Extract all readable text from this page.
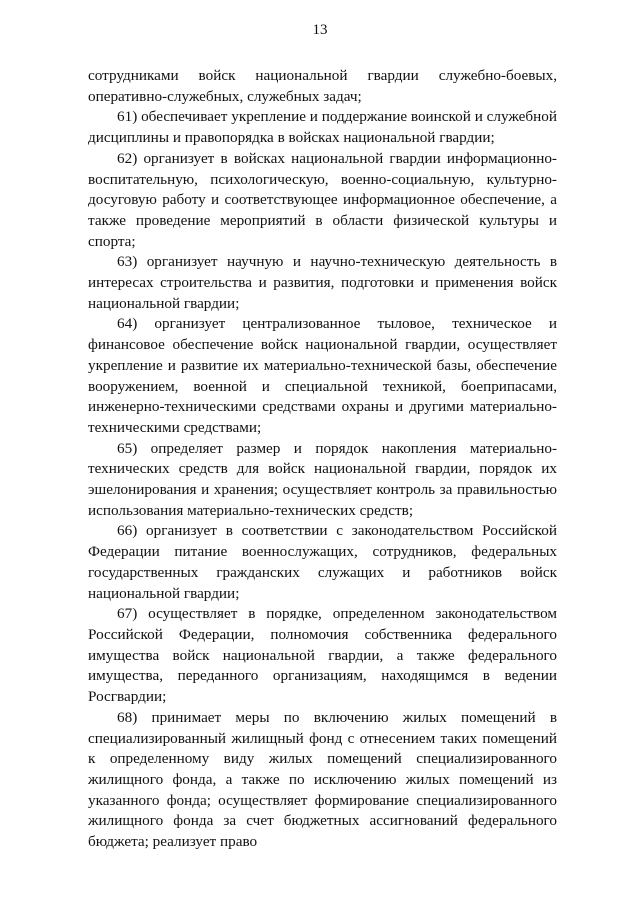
13

сотрудниками войск национальной гвардии служебно-боевых, оперативно-служебных, служебных задач;

61) обеспечивает укрепление и поддержание воинской и служебной дисциплины и правопорядка в войсках национальной гвардии;

62) организует в войсках национальной гвардии информационно-воспитательную, психологическую, военно-социальную, культурно-досуговую работу и соответствующее информационное обеспечение, а также проведение мероприятий в области физической культуры и спорта;

63) организует научную и научно-техническую деятельность в интересах строительства и развития, подготовки и применения войск национальной гвардии;

64) организует централизованное тыловое, техническое и финансовое обеспечение войск национальной гвардии, осуществляет укрепление и развитие их материально-технической базы, обеспечение вооружением, военной и специальной техникой, боеприпасами, инженерно-техническими средствами охраны и другими материально-техническими средствами;

65) определяет размер и порядок накопления материально-технических средств для войск национальной гвардии, порядок их эшелонирования и хранения; осуществляет контроль за правильностью использования материально-технических средств;

66) организует в соответствии с законодательством Российской Федерации питание военнослужащих, сотрудников, федеральных государственных гражданских служащих и работников войск национальной гвардии;

67) осуществляет в порядке, определенном законодательством Российской Федерации, полномочия собственника федерального имущества войск национальной гвардии, а также федерального имущества, переданного организациям, находящимся в ведении Росгвардии;

68) принимает меры по включению жилых помещений в специализированный жилищный фонд с отнесением таких помещений к определенному виду жилых помещений специализированного жилищного фонда, а также по исключению жилых помещений из указанного фонда; осуществляет формирование специализированного жилищного фонда за счет бюджетных ассигнований федерального бюджета; реализует право
